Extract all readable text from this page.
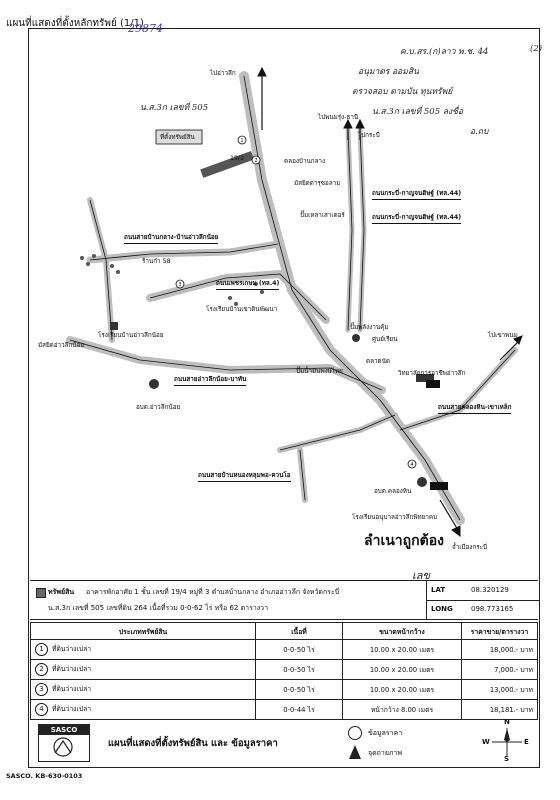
แผนที่แสดงที่ตั้งหลักทรัพย์ (1/1)
29874
ค.บ.สร.(ก)ลาว พ.ช. 44	(2)
อนุมาตร ออมสิน
ตรวจสอบ ตามบัน ทุนทรัพย์
น.ส.3ก เลขที่ 505 ลงชื่อ
อ.ถบ
น.ส.3ก เลขที่ 505
1
2
3
4
ไปอ่าวลึก
ไปพนมรุ่ง-ธานี
ไปกระบี่
ที่ตั้งทรัพย์สิน
19/2	คลองบ้านกลาง
มัสยิดดารุซอลาม
ปั๊มเหลาเสาเตอร์
ถนนกระบี่-กาญจนดิษฐ์ (ทล.44)
ถนนกระบี่-กาญจนดิษฐ์ (ทล.44)
ถนนสายบ้านกลาง-บ้านอ่าวลึกน้อย
ร้านก๋า 58
ถนนเพชรเกษม (ทล.4)
โรงเรียนบ้านเขาดินพัฒนา
มัสยิดอ่าวลึกน้อย
โรงเรียนบ้านอ่าวลึกน้อย
ปั๊มพลังงานคุ้ม
ศูนย์เรียน
ตลาดนัด
ถนนสายอ่าวลึกน้อย-บาทัน
ปั๊มน้ำมันพงษ์ไทย	วิทยาลัยการอาชีพอ่าวลึก
ไปเขาพนม
ถนนสายคลองหิน-เขาเหล็ก
อบต.อ่าวลึกน้อย
ถนนสายบ้านหนองหลุมพอ-ควนโอ
อบต.คลองหิน
โรงเรียนอนุบาลอ่าวลึกพิทยาคม
ลำเนาถูกต้อง จ้ำเมืองกระบี่
เลข
ทรัพย์สิน อาคารพักอาศัย 1 ชั้น เลขที่ 19/4 หมู่ที่ 3 ตำบลบ้านกลาง อำเภออ่าวลึก จังหวัดกระบี่
น.ส.3ก เลขที่ 505 เลขที่ดิน 264 เนื้อที่รวม 0-0-62 ไร่ หรือ 62 ตารางวา
LAT	08.320129
LONG	098.773165
ประเภททรัพย์สิน	เนื้อที่	ขนาดหน้ากว้าง	ราคาขาย/ตารางวา
1 ที่ดินว่างเปล่า	0-0-50 ไร่	10.00 x 20.00 เมตร	18,000.- บาท
2 ที่ดินว่างเปล่า	0-0-50 ไร่	10.00 x 20.00 เมตร	7,000.- บาท
3 ที่ดินว่างเปล่า	0-0-50 ไร่	10.00 x 20.00 เมตร	13,000.- บาท
4 ที่ดินว่างเปล่า	0-0-44 ไร่	หน้ากว้าง 8.00 เมตร	18,181.- บาท
SASCO
แผนที่แสดงที่ตั้งทรัพย์สิน และ ข้อมูลราคา
ข้อมูลราคา
จุดถ่ายภาพ
N
S
E
W
SASCO. KB-630-0103
